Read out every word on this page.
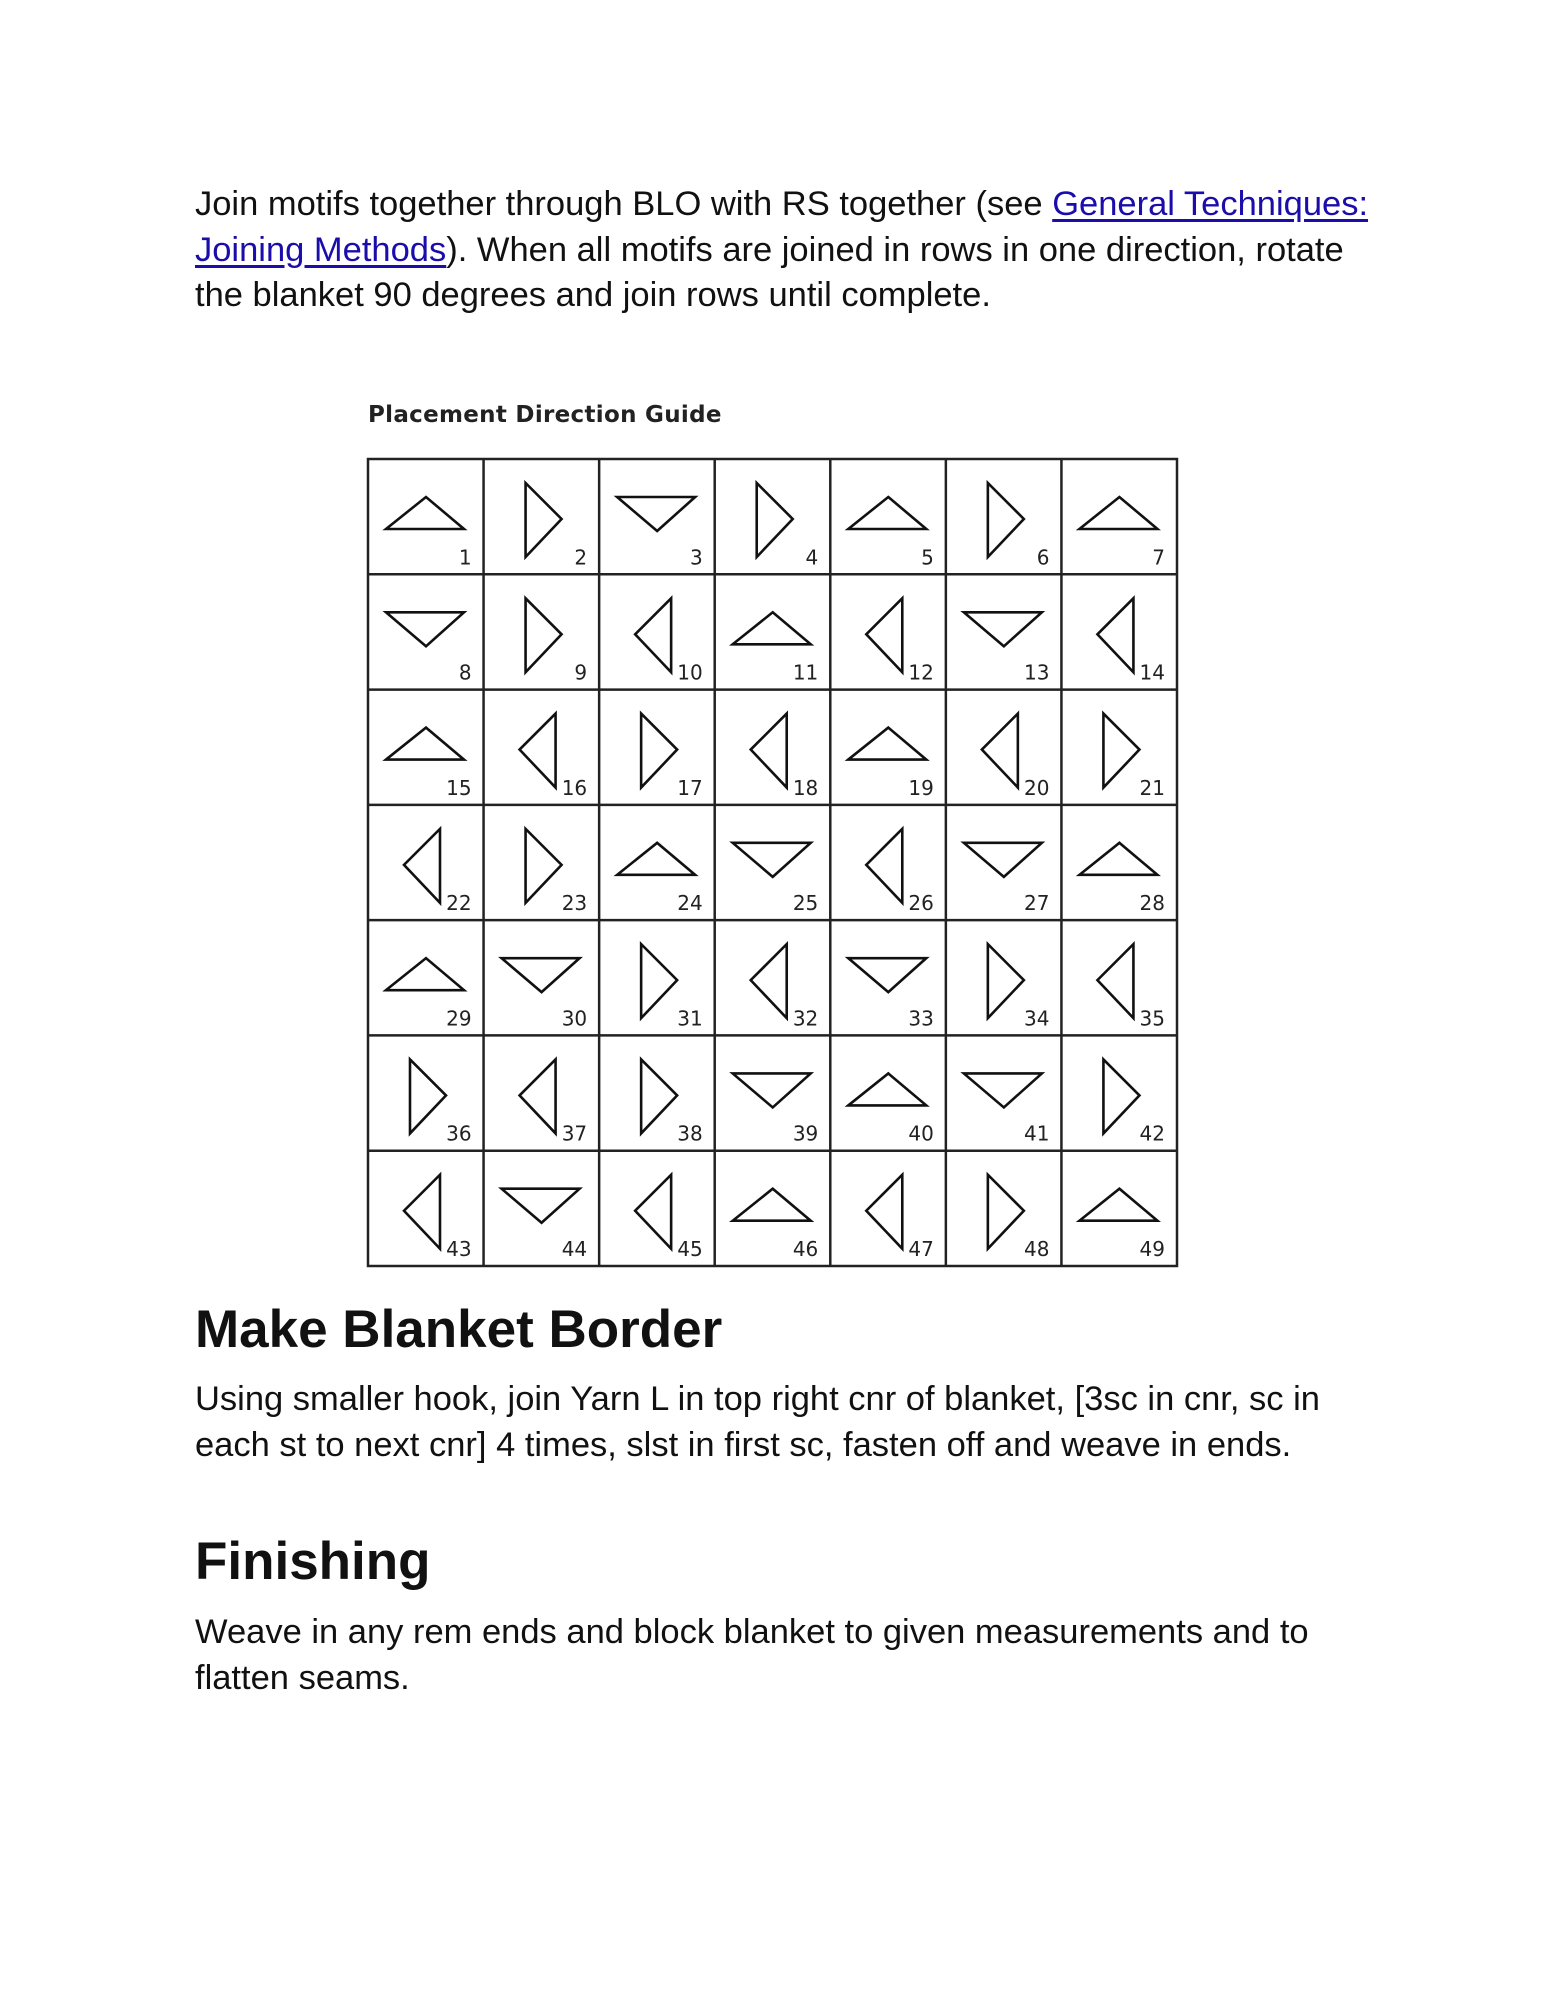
Join motifs together through BLO with RS together (see General Techniques: Joining Methods). When all motifs are joined in rows in one direction, rotate the blanket 90 degrees and join rows until complete.

Placement Direction Guide
1	2	3	4	5	6	7
8	9	10	11	12	13	14
15	16	17	18	19	20	21
22	23	24	25	26	27	28
29	30	31	32	33	34	35
36	37	38	39	40	41	42
43	44	45	46	47	48	49
Make Blanket Border

Using smaller hook, join Yarn L in top right cnr of blanket, [3sc in cnr, sc in each st to next cnr] 4 times, slst in first sc, fasten off and weave in ends.

Finishing

Weave in any rem ends and block blanket to given measurements and to flatten seams.
